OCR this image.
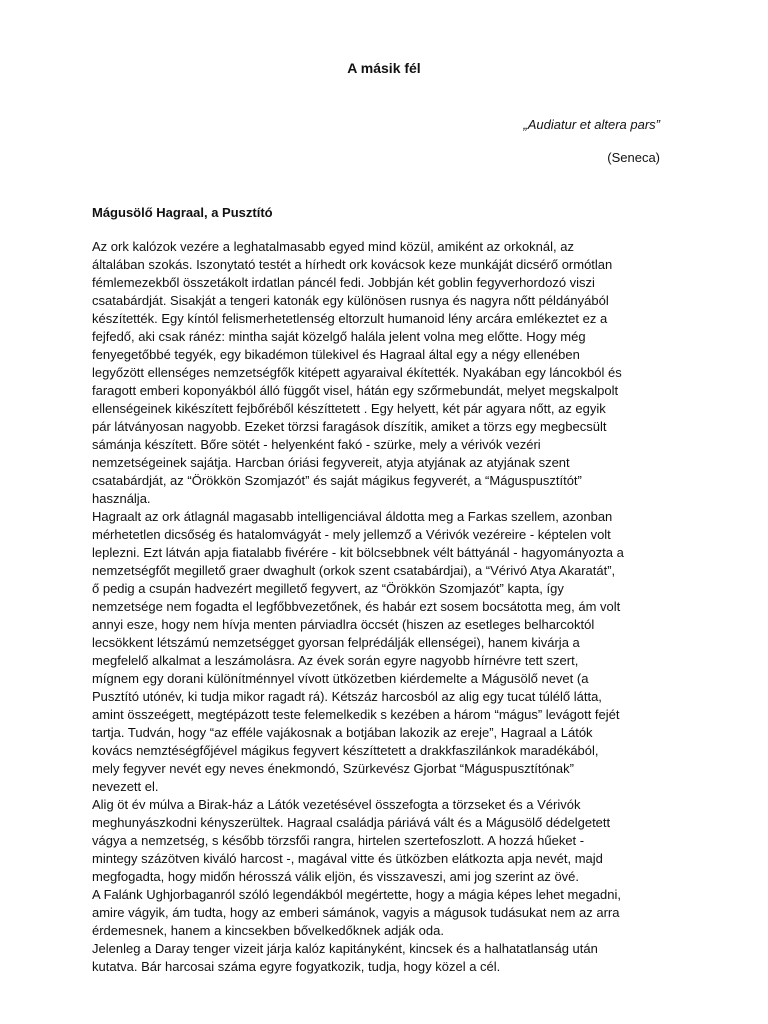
A másik fél
„Audiatur et altera pars”
(Seneca)
Mágusölő Hagraal, a Pusztító
Az ork kalózok vezére a leghatalmasabb egyed mind közül, amiként az orkoknál, az
általában szokás. Iszonytató testét a hírhedt ork kovácsok keze munkáját dicsérő ormótlan
fémlemezekből összetákolt irdatlan páncél fedi. Jobbján két goblin fegyverhordozó viszi
csatabárdját. Sisakját a tengeri katonák egy különösen rusnya és nagyra nőtt példányából
készítették. Egy kíntól felismerhetetlenség eltorzult humanoid lény arcára emlékeztet ez a
fejfedő, aki csak ránéz: mintha saját közelgő halála jelent volna meg előtte. Hogy még
fenyegetőbbé tegyék, egy bikadémon tülekivel és Hagraal által egy a négy ellenében
legyőzött ellenséges nemzetségfők kitépett agyaraival ékítették. Nyakában egy láncokból és
faragott emberi koponyákból álló függőt visel, hátán egy szőrmebundát, melyet megskalpolt
ellenségeinek kikészített fejbőréből készíttetett . Egy helyett, két pár agyara nőtt, az egyik
pár látványosan nagyobb. Ezeket törzsi faragások díszítik, amiket a törzs egy megbecsült
sámánja készített. Bőre sötét - helyenként fakó - szürke, mely a vérivók vezéri
nemzetségeinek sajátja. Harcban óriási fegyvereit, atyja atyjának az atyjának szent
csatabárdját, az “Örökkön Szomjazót” és saját mágikus fegyverét, a “Máguspusztítót”
használja.
Hagraalt az ork átlagnál magasabb intelligenciával áldotta meg a Farkas szellem, azonban
mérhetetlen dicsőség és hatalomvágyát - mely jellemző a Vérivók vezéreire - képtelen volt
leplezni. Ezt látván apja fiatalabb fivérére - kit bölcsebbnek vélt báttyánál - hagyományozta a
nemzetségfőt megillető graer dwaghult (orkok szent csatabárdjai), a “Vérivó Atya Akaratát”,
ő pedig a csupán hadvezért megillető fegyvert, az “Örökkön Szomjazót” kapta, így
nemzetsége nem fogadta el legfőbbvezetőnek, és habár ezt sosem bocsátotta meg, ám volt
annyi esze, hogy nem hívja menten párviadlra öccsét (hiszen az esetleges belharcoktól
lecsökkent létszámú nemzetségget gyorsan felprédálják ellenségei), hanem kivárja a
megfelelő alkalmat a leszámolásra. Az évek során egyre nagyobb hírnévre tett szert,
mígnem egy dorani különítménnyel vívott ütközetben kiérdemelte a Mágusölő nevet (a
Pusztító utónév, ki tudja mikor ragadt rá). Kétszáz harcosból az alig egy tucat túlélő látta,
amint összeégett, megtépázott teste felemelkedik s kezében a három “mágus” levágott fejét
tartja. Tudván, hogy “az efféle vajákosnak a botjában lakozik az ereje”, Hagraal a Látók
kovács nemztéségfőjével mágikus fegyvert készíttetett a drakkfaszilánkok maradékából,
mely fegyver nevét egy neves énekmondó, Szürkevész Gjorbat “Máguspusztítónak”
nevezett el.
Alig öt év múlva a Birak-ház a Látók vezetésével összefogta a törzseket és a Vérivók
meghunyászkodni kényszerültek. Hagraal családja páriává vált és a Mágusölő dédelgetett
vágya a nemzetség, s később törzsfői rangra, hirtelen szertefoszlott. A hozzá hűeket -
mintegy százötven kiváló harcost -, magával vitte és ütközben elátkozta apja nevét, majd
megfogadta, hogy midőn hérosszá válik eljön, és visszaveszi, ami jog szerint az övé.
A Falánk Ughjorbaganról szóló legendákból megértette, hogy a mágia képes lehet megadni,
amire vágyik, ám tudta, hogy az emberi sámánok, vagyis a mágusok tudásukat nem az arra
érdemesnek, hanem a kincsekben bővelkedőknek adják oda.
Jelenleg a Daray tenger vizeit járja kalóz kapitányként, kincsek és a halhatatlanság után
kutatva. Bár harcosai száma egyre fogyatkozik, tudja, hogy közel a cél.
